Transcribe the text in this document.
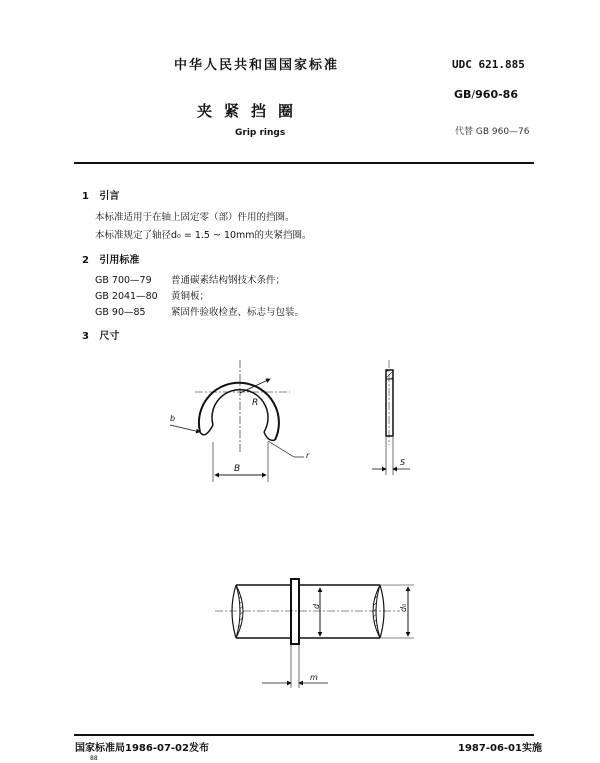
中华人民共和国国家标准	UDC 621.885
夹紧挡圈
GB/960-86
Grip rings	代替 GB 960—76
1 引言
本标准适用于在轴上固定零（部）件用的挡圈。
本标准规定了轴径d₀ = 1.5 ~ 10mm的夹紧挡圈。
2 引用标准
GB 700—79 普通碳素结构钢技术条件；
GB 2041—80 黄铜板；
GB 90—85	紧固件验收检查、标志与包装。
3 尺寸
R
b
B
r
S
d	d₀
m
国家标准局1986-07-02发布	1987-06-01实施
88
